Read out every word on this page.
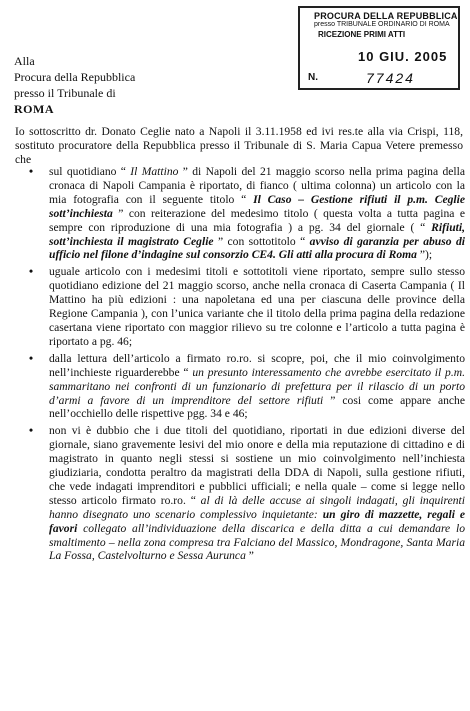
PROCURA DELLA REPUBBLICA
presso TRIBUNALE ORDINARIO DI ROMA
RICEZIONE PRIMI ATTI
10 GIU. 2005
N.	77424
Alla
Procura della Repubblica
presso il Tribunale di
ROMA
Io sottoscritto dr. Donato Ceglie nato a Napoli il 3.11.1958 ed ivi res.te alla via Crispi, 118, sostituto procuratore della Repubblica presso il Tribunale di S. Maria Capua Vetere premesso che
• sul quotidiano “ Il Mattino ” di Napoli del 21 maggio scorso nella prima pagina della cronaca di Napoli Campania è riportato, di fianco ( ultima colonna) un articolo con la mia fotografia con il seguente titolo “ Il Caso – Gestione rifiuti il p.m. Ceglie sott’inchiesta ” con reiterazione del medesimo titolo ( questa volta a tutta pagina e sempre con riproduzione di una mia fotografia ) a pg. 34 del giornale ( “ Rifiuti, sott’inchiesta il magistrato Ceglie ” con sottotitolo “ avviso di garanzia per abuso di ufficio nel filone d’indagine sul consorzio CE4. Gli atti alla procura di Roma ”);
• uguale articolo con i medesimi titoli e sottotitoli viene riportato, sempre sullo stesso quotidiano edizione del 21 maggio scorso, anche nella cronaca di Caserta Campania ( Il Mattino ha più edizioni : una napoletana ed una per ciascuna delle province della Regione Campania ), con l’unica variante che il titolo della prima pagina della redazione casertana viene riportato con maggior rilievo su tre colonne e l’articolo a tutta pagina è riportato a pg. 46;
• dalla lettura dell’articolo a firmato ro.ro. si scopre, poi, che il mio coinvolgimento nell’inchieste riguarderebbe “ un presunto interessamento che avrebbe esercitato il p.m. sammaritano nei confronti di un funzionario di prefettura per il rilascio di un porto d’armi a favore di un imprenditore del settore rifiuti ” cosi come appare anche nell’occhiello delle rispettive pgg. 34 e 46;
• non vi è dubbio che i due titoli del quotidiano, riportati in due edizioni diverse del giornale, siano gravemente lesivi del mio onore e della mia reputazione di cittadino e di magistrato in quanto negli stessi si sostiene un mio coinvolgimento nell’inchiesta giudiziaria, condotta peraltro da magistrati della DDA di Napoli, sulla gestione rifiuti, che vede indagati imprenditori e pubblici ufficiali; e nella quale – come si legge nello stesso articolo firmato ro.ro. “ al di là delle accuse ai singoli indagati, gli inquirenti hanno disegnato uno scenario complessivo inquietante: un giro di mazzette, regali e favori collegato all’individuazione della discarica e della ditta a cui demandare lo smaltimento – nella zona compresa tra Falciano del Massico, Mondragone, Santa Maria La Fossa, Castelvolturno e Sessa Aurunca ”
